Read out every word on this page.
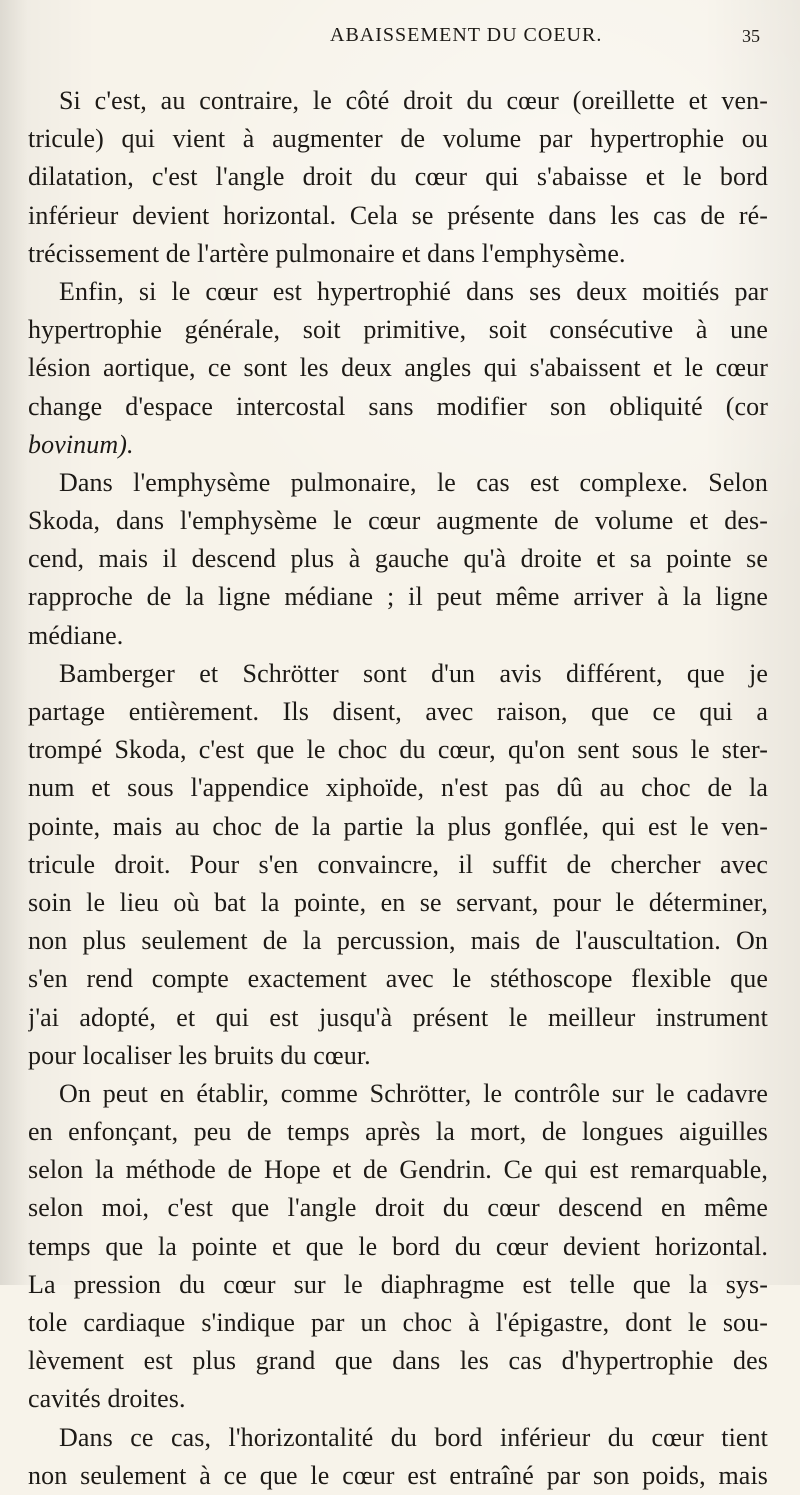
ABAISSEMENT DU COEUR.	35
Si c'est, au contraire, le côté droit du cœur (oreillette et ven-
tricule) qui vient à augmenter de volume par hypertrophie ou
dilatation, c'est l'angle droit du cœur qui s'abaisse et le bord
inférieur devient horizontal. Cela se présente dans les cas de ré-
trécissement de l'artère pulmonaire et dans l'emphysème.
Enfin, si le cœur est hypertrophié dans ses deux moitiés par
hypertrophie générale, soit primitive, soit consécutive à une
lésion aortique, ce sont les deux angles qui s'abaissent et le cœur
change d'espace intercostal sans modifier son obliquité (cor
bovinum).
Dans l'emphysème pulmonaire, le cas est complexe. Selon
Skoda, dans l'emphysème le cœur augmente de volume et des-
cend, mais il descend plus à gauche qu'à droite et sa pointe se
rapproche de la ligne médiane ; il peut même arriver à la ligne
médiane.
Bamberger et Schrötter sont d'un avis différent, que je
partage entièrement. Ils disent, avec raison, que ce qui a
trompé Skoda, c'est que le choc du cœur, qu'on sent sous le ster-
num et sous l'appendice xiphoïde, n'est pas dû au choc de la
pointe, mais au choc de la partie la plus gonflée, qui est le ven-
tricule droit. Pour s'en convaincre, il suffit de chercher avec
soin le lieu où bat la pointe, en se servant, pour le déterminer,
non plus seulement de la percussion, mais de l'auscultation. On
s'en rend compte exactement avec le stéthoscope flexible que
j'ai adopté, et qui est jusqu'à présent le meilleur instrument
pour localiser les bruits du cœur.
On peut en établir, comme Schrötter, le contrôle sur le cadavre
en enfonçant, peu de temps après la mort, de longues aiguilles
selon la méthode de Hope et de Gendrin. Ce qui est remarquable,
selon moi, c'est que l'angle droit du cœur descend en même
temps que la pointe et que le bord du cœur devient horizontal.
La pression du cœur sur le diaphragme est telle que la sys-
tole cardiaque s'indique par un choc à l'épigastre, dont le sou-
lèvement est plus grand que dans les cas d'hypertrophie des
cavités droites.
Dans ce cas, l'horizontalité du bord inférieur du cœur tient
non seulement à ce que le cœur est entraîné par son poids, mais
